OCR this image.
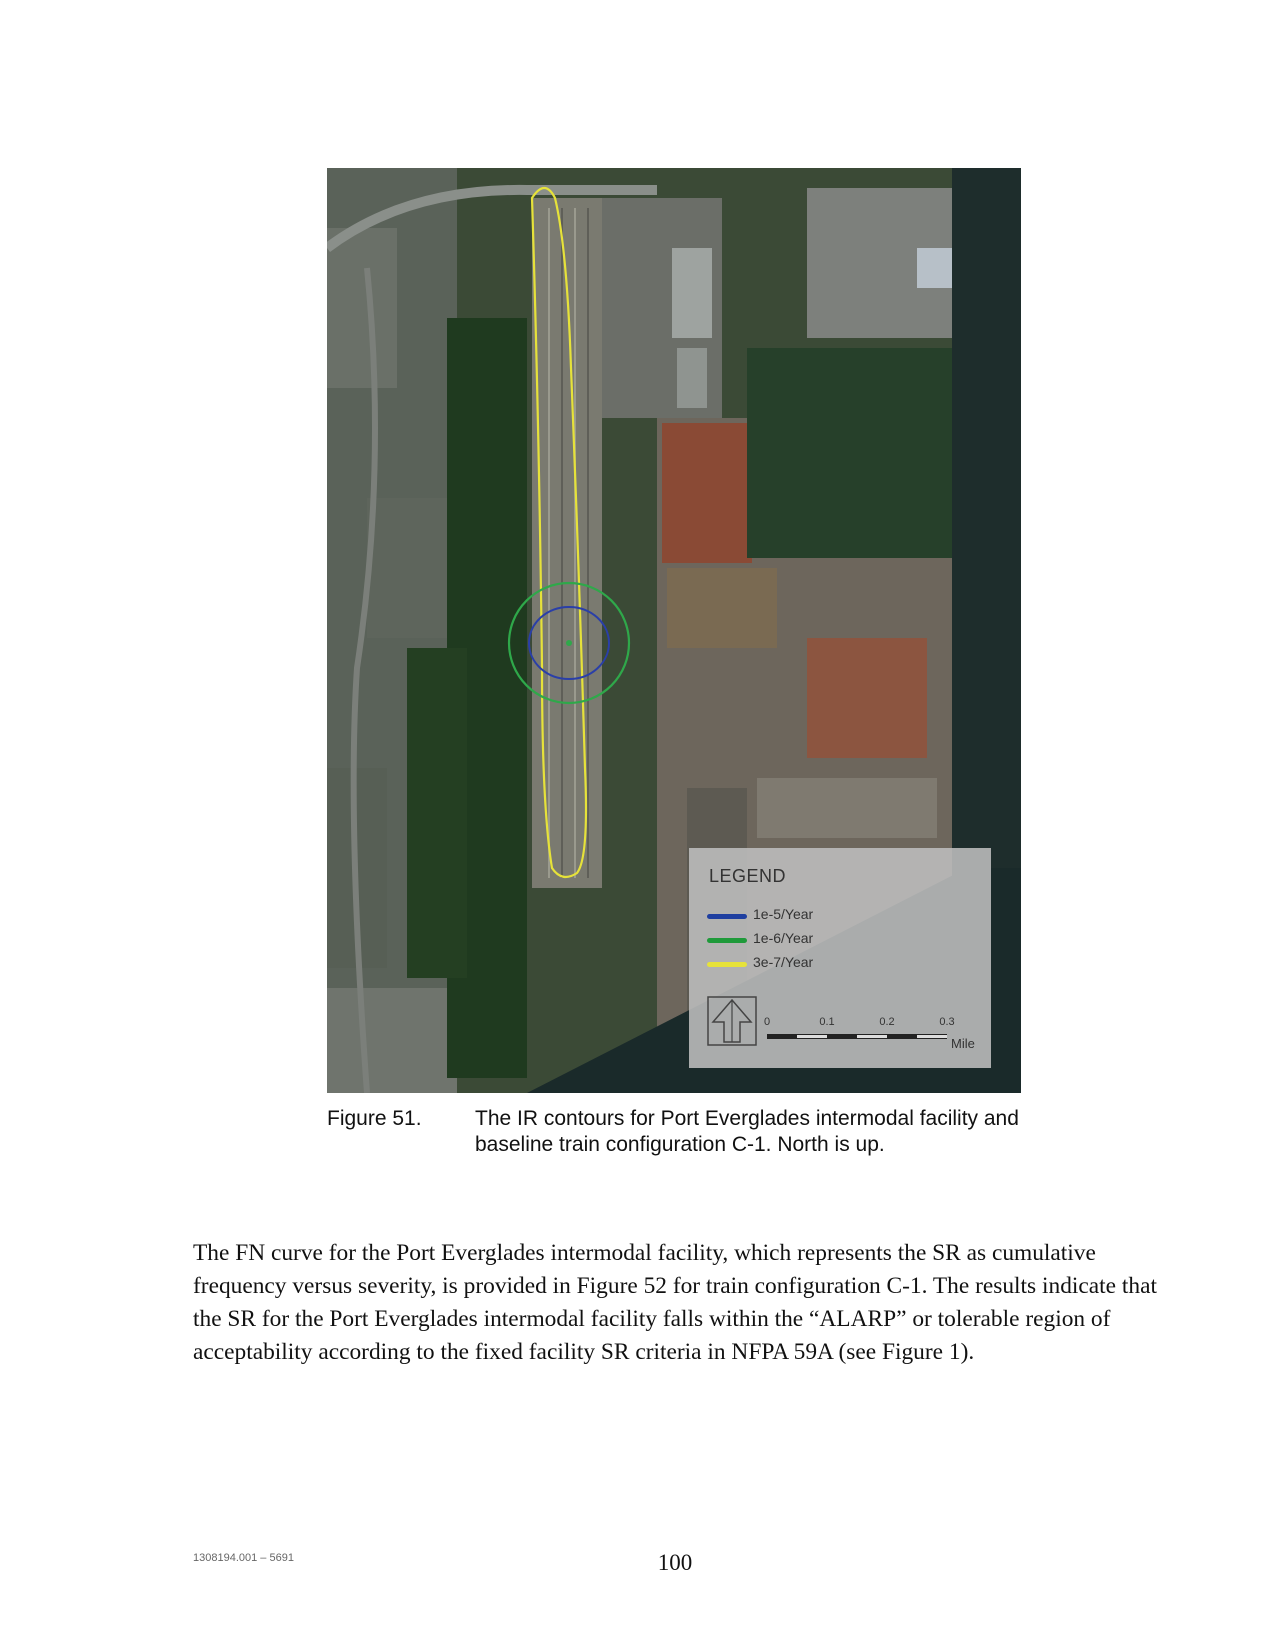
LEGEND
1e-5/Year
1e-6/Year
3e-7/Year
0	0.1	0.2	0.3
Mile
Figure 51.	The IR contours for Port Everglades intermodal facility and baseline train configuration C-1. North is up.

The FN curve for the Port Everglades intermodal facility, which represents the SR as cumulative frequency versus severity, is provided in Figure 52 for train configuration C-1. The results indicate that the SR for the Port Everglades intermodal facility falls within the “ALARP” or tolerable region of acceptability according to the fixed facility SR criteria in NFPA 59A (see Figure 1).

1308194.001 – 5691	100
